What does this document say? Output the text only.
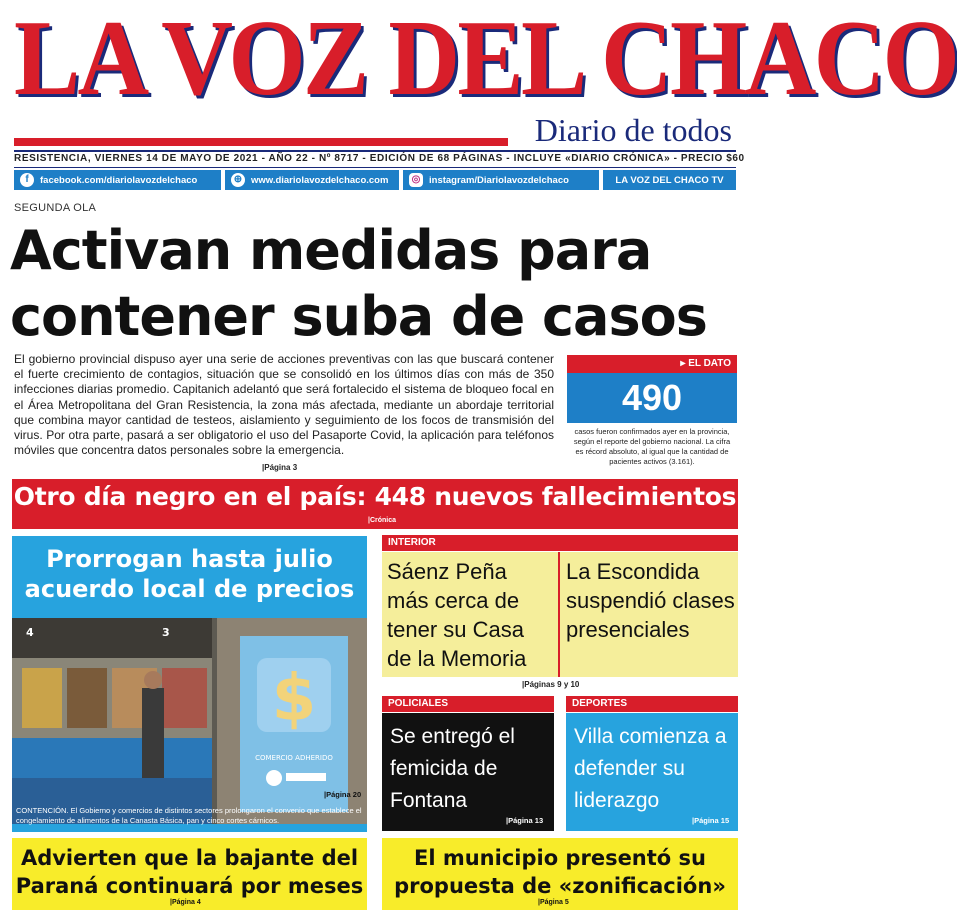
LA VOZ DEL CHACO
Diario de todos
RESISTENCIA, VIERNES 14 DE MAYO DE 2021 - AÑO 22 - Nº 8717 - EDICIÓN DE 68 PÁGINAS - INCLUYE «DIARIO CRÓNICA» - PRECIO $60
f	facebook.com/diariolavozdelchaco	⊕ www.diariolavozdelchaco.com ◎ instagram/Diariolavozdelchaco	LA VOZ DEL CHACO TV
SEGUNDA OLA
Activan medidas para contener suba de casos
El gobierno provincial dispuso ayer una serie de acciones preventivas con las que buscará contener el fuerte crecimiento de contagios, situación que se consolidó en los últimos días con más de 350 infecciones diarias promedio. Capitanich adelantó que será fortalecido el sistema de bloqueo focal en el Área Metropolitana del Gran Resistencia, la zona más afectada, mediante un abordaje territorial que combina mayor cantidad de testeos, aislamiento y seguimiento de los focos de transmisión del virus. Por otra parte, pasará a ser obligatorio el uso del Pasaporte Covid, la aplicación para teléfonos móviles que concentra datos personales sobre la emergencia.
|Página 3
▸ EL DATO
490
casos fueron confirmados ayer en la provincia, según el reporte del gobierno nacional. La cifra es récord absoluto, al igual que la cantidad de pacientes activos (3.161).
Otro día negro en el país: 448 nuevos fallecimientos
|Crónica
Prorrogan hasta julio acuerdo local de precios
$
COMERCIO ADHERIDO
4	3
|Página 20
CONTENCIÓN. El Gobierno y comercios de distintos sectores prolongaron el convenio que establece el congelamiento de alimentos de la Canasta Básica, pan y cinco cortes cárnicos.
INTERIOR
Sáenz Peña más cerca de tener su Casa de la Memoria
La Escondida suspendió clases presenciales
|Páginas 9 y 10
POLICIALES
Se entregó el femicida de Fontana
|Página 13
DEPORTES
Villa comienza a defender su liderazgo
|Página 15
Advierten que la bajante del Paraná continuará por meses
|Página 4
El municipio presentó su propuesta de «zonificación»
|Página 5
